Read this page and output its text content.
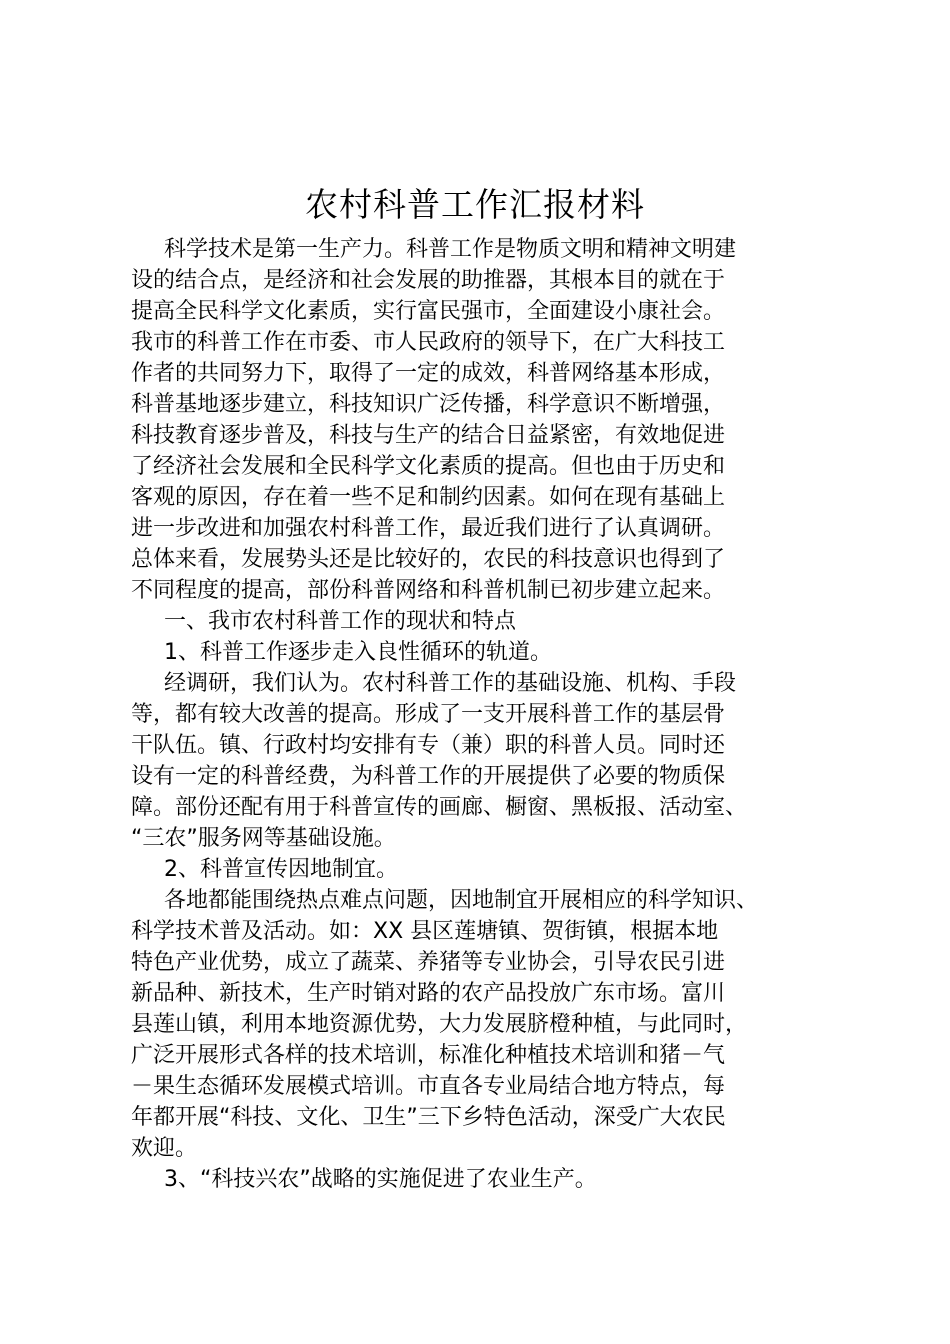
农村科普工作汇报材料
科学技术是第一生产力。科普工作是物质文明和精神文明建
设的结合点，是经济和社会发展的助推器，其根本目的就在于
提高全民科学文化素质，实行富民强市，全面建设小康社会。
我市的科普工作在市委、市人民政府的领导下，在广大科技工
作者的共同努力下，取得了一定的成效，科普网络基本形成，
科普基地逐步建立，科技知识广泛传播，科学意识不断增强，
科技教育逐步普及，科技与生产的结合日益紧密，有效地促进
了经济社会发展和全民科学文化素质的提高。但也由于历史和
客观的原因，存在着一些不足和制约因素。如何在现有基础上
进一步改进和加强农村科普工作，最近我们进行了认真调研。
总体来看，发展势头还是比较好的，农民的科技意识也得到了
不同程度的提高，部份科普网络和科普机制已初步建立起来。
一、我市农村科普工作的现状和特点
1、科普工作逐步走入良性循环的轨道。
经调研，我们认为。农村科普工作的基础设施、机构、手段
等，都有较大改善的提高。形成了一支开展科普工作的基层骨
干队伍。镇、行政村均安排有专（兼）职的科普人员。同时还
设有一定的科普经费，为科普工作的开展提供了必要的物质保
障。部份还配有用于科普宣传的画廊、橱窗、黑板报、活动室、
“三农”服务网等基础设施。
2、科普宣传因地制宜。
各地都能围绕热点难点问题，因地制宜开展相应的科学知识、
科学技术普及活动。如：XX 县区莲塘镇、贺街镇，根据本地
特色产业优势，成立了蔬菜、养猪等专业协会，引导农民引进
新品种、新技术，生产时销对路的农产品投放广东市场。富川
县莲山镇，利用本地资源优势，大力发展脐橙种植，与此同时，
广泛开展形式各样的技术培训，标准化种植技术培训和猪－气
－果生态循环发展模式培训。市直各专业局结合地方特点，每
年都开展“科技、文化、卫生”三下乡特色活动，深受广大农民
欢迎。
3、“科技兴农”战略的实施促进了农业生产。
